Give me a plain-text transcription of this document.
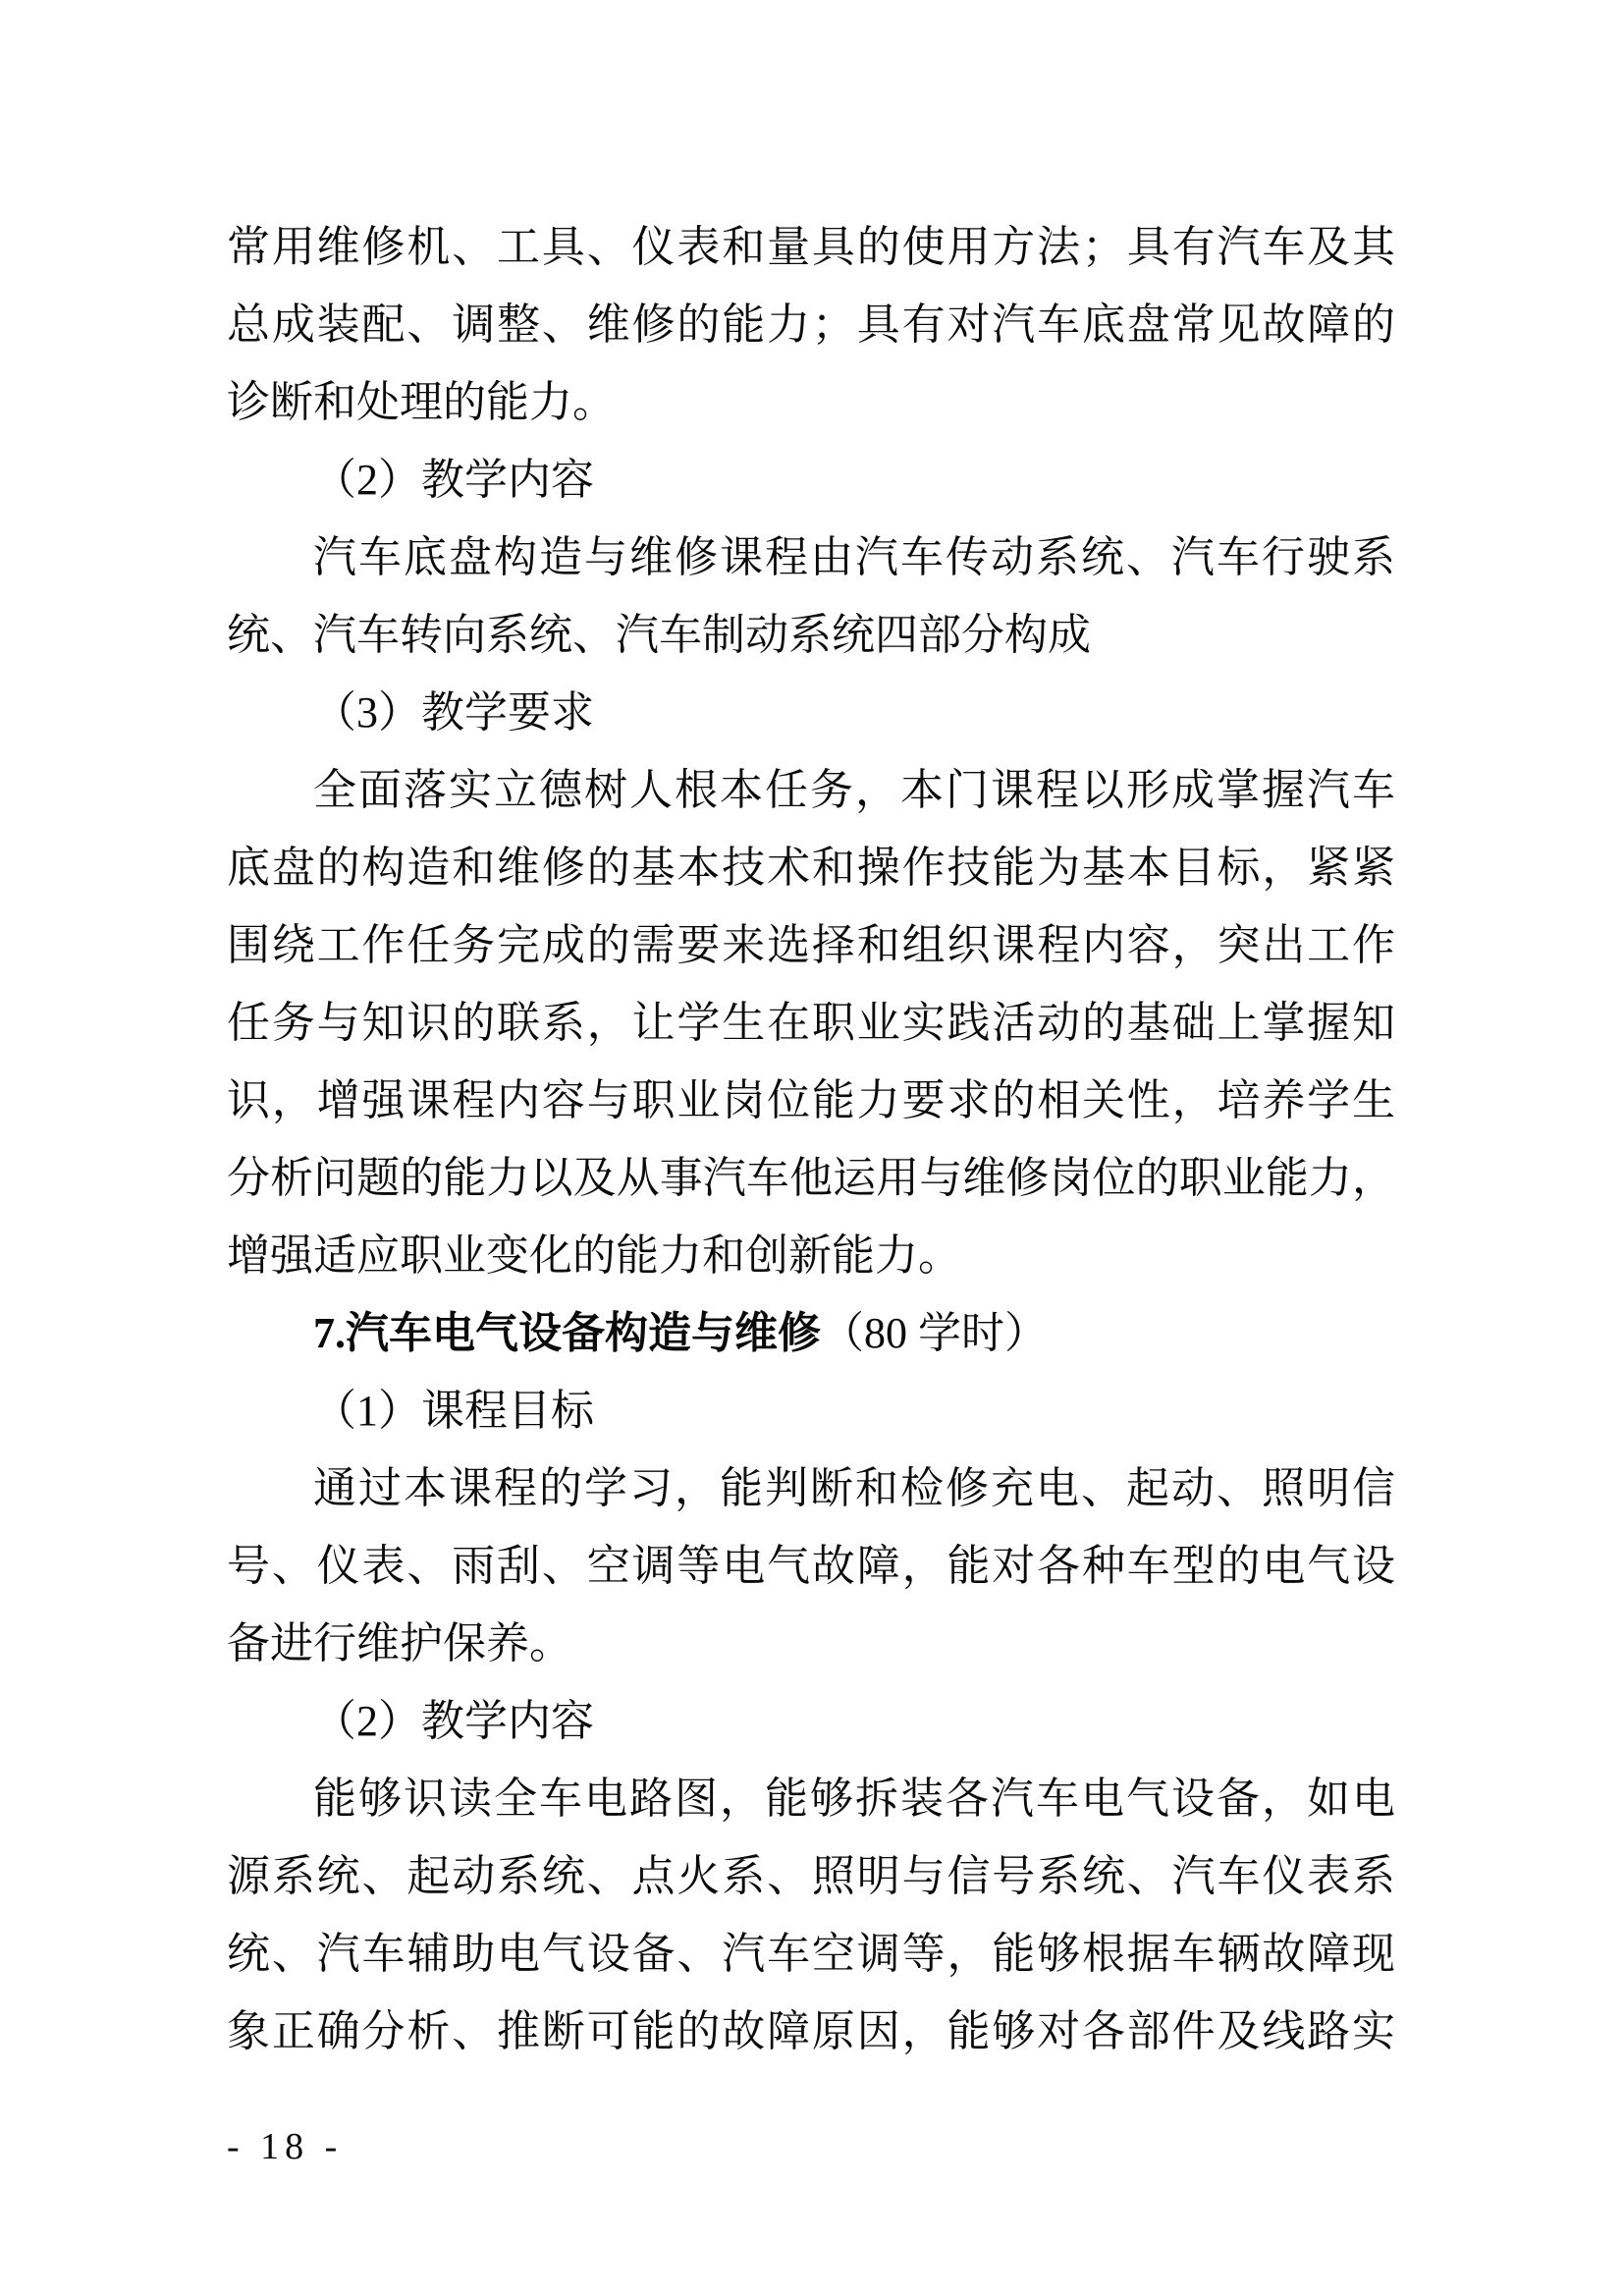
常用维修机、工具、仪表和量具的使用方法；具有汽车及其
总成装配、调整、维修的能力；具有对汽车底盘常见故障的
诊断和处理的能力。
（2）教学内容
汽车底盘构造与维修课程由汽车传动系统、汽车行驶系
统、汽车转向系统、汽车制动系统四部分构成
（3）教学要求
全面落实立德树人根本任务，本门课程以形成掌握汽车
底盘的构造和维修的基本技术和操作技能为基本目标，紧紧
围绕工作任务完成的需要来选择和组织课程内容，突出工作
任务与知识的联系，让学生在职业实践活动的基础上掌握知
识，增强课程内容与职业岗位能力要求的相关性，培养学生
分析问题的能力以及从事汽车他运用与维修岗位的职业能力，
增强适应职业变化的能力和创新能力。
7.汽车电气设备构造与维修（80 学时）
（1）课程目标
通过本课程的学习，能判断和检修充电、起动、照明信
号、仪表、雨刮、空调等电气故障，能对各种车型的电气设
备进行维护保养。
（2）教学内容
能够识读全车电路图，能够拆装各汽车电气设备，如电
源系统、起动系统、点火系、照明与信号系统、汽车仪表系
统、汽车辅助电气设备、汽车空调等，能够根据车辆故障现
象正确分析、推断可能的故障原因，能够对各部件及线路实
- 18 -
